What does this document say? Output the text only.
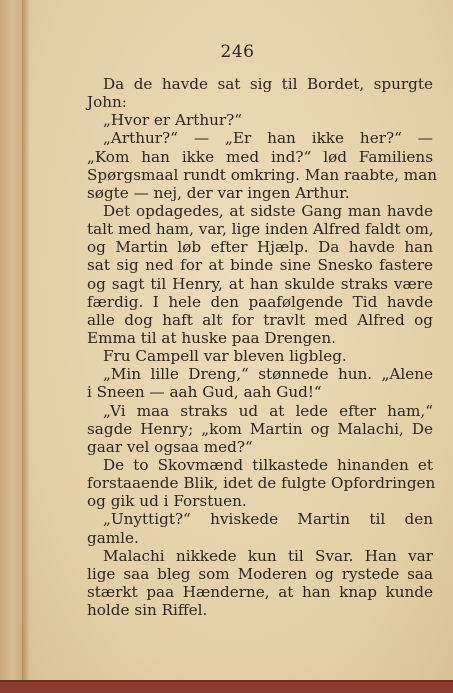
246
Da de havde sat sig til Bordet, spurgte
John:
„Hvor er Arthur?“
„Arthur?“ — „Er han ikke her?“ —
„Kom han ikke med ind?“ lød Familiens
Spørgsmaal rundt omkring. Man raabte, man
søgte — nej, der var ingen Arthur.
Det opdagedes, at sidste Gang man havde
talt med ham, var, lige inden Alfred faldt om,
og Martin løb efter Hjælp. Da havde han
sat sig ned for at binde sine Snesko fastere
og sagt til Henry, at han skulde straks være
færdig. I hele den paafølgende Tid havde
alle dog haft alt for travlt med Alfred og
Emma til at huske paa Drengen.
Fru Campell var bleven ligbleg.
„Min lille Dreng,“ stønnede hun. „Alene
i Sneen — aah Gud, aah Gud!“
„Vi maa straks ud at lede efter ham,“
sagde Henry; „kom Martin og Malachi, De
gaar vel ogsaa med?“
De to Skovmænd tilkastede hinanden et
forstaaende Blik, idet de fulgte Opfordringen
og gik ud i Forstuen.
„Unyttigt?“ hviskede Martin til den
gamle.
Malachi nikkede kun til Svar. Han var
lige saa bleg som Moderen og rystede saa
stærkt paa Hænderne, at han knap kunde
holde sin Riffel.
